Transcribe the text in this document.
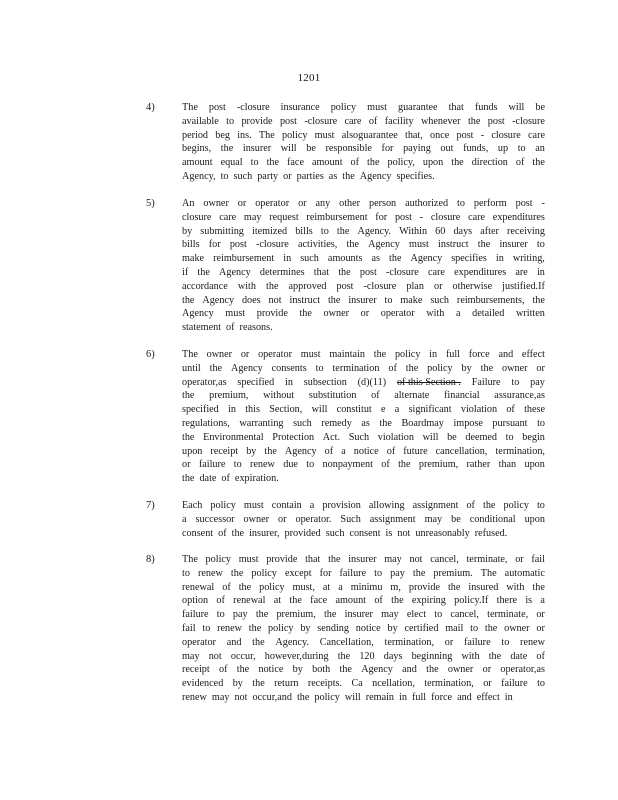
1201
4)	The post -closure insurance policy must guarantee that funds will be
available to provide post -closure care of facility whenever the post -closure
period beg ins. The policy must alsoguarantee that, once post - closure care
begins, the insurer will be responsible for paying out funds, up to an
amount equal to the face amount of the policy, upon the direction of the
Agency, to such party or parties as the Agency specifies.
5)	An owner or operator or any other person authorized to perform post -
closure care may request reimbursement for post - closure care expenditures
by submitting itemized bills to the Agency. Within 60 days after receiving
bills for post -closure activities, the Agency must instruct the insurer to
make reimbursement in such amounts as the Agency specifies in writing,
if the Agency determines that the post -closure care expenditures are in
accordance with the approved post -closure plan or otherwise justified.If
the Agency does not instruct the insurer to make such reimbursements, the
Agency must provide the owner or operator with a detailed written
statement of reasons.
6)	The owner or operator must maintain the policy in full force and effect
until the Agency consents to termination of the policy by the owner or
operator,as specified in subsection (d)(11) of this Section . Failure to pay
the premium, without substitution of alternate financial assurance,as
specified in this Section, will constitut e a significant violation of these
regulations, warranting such remedy as the Boardmay impose pursuant to
the Environmental Protection Act. Such violation will be deemed to begin
upon receipt by the Agency of a notice of future cancellation, termination,
or failure to renew due to nonpayment of the premium, rather than upon
the date of expiration.
7)	Each policy must contain a provision allowing assignment of the policy to
a successor owner or operator. Such assignment may be conditional upon
consent of the insurer, provided such consent is not unreasonably refused.
8)	The policy must provide that the insurer may not cancel, terminate, or fail
to renew the policy except for failure to pay the premium. The automatic
renewal of the policy must, at a minimu m, provide the insured with the
option of renewal at the face amount of the expiring policy.If there is a
failure to pay the premium, the insurer may elect to cancel, terminate, or
fail to renew the policy by sending notice by certified mail to the owner or
operator and the Agency. Cancellation, termination, or failure to renew
may not occur, however,during the 120 days beginning with the date of
receipt of the notice by both the Agency and the owner or operator,as
evidenced by the return receipts. Ca ncellation, termination, or failure to
renew may not occur,and the policy will remain in full force and effect in
